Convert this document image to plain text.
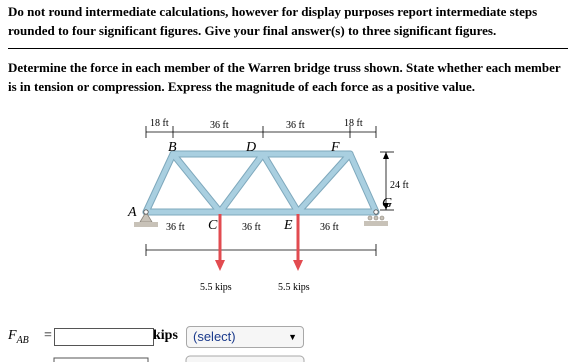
Do not round intermediate calculations, however for display purposes report intermediate steps rounded to four significant figures. Give your final answer(s) to three significant figures.

Determine the force in each member of the Warren bridge truss shown. State whether each member is in tension or compression. Express the magnitude of each force as a positive value.

18 ft	36 ft	36 ft	18 ft
36 ft	36 ft	36 ft
24 ft
5.5 kips	5.5 kips
A
B
C
D
E
F
G
$F_{AB}$ =	kips (select)	▼
